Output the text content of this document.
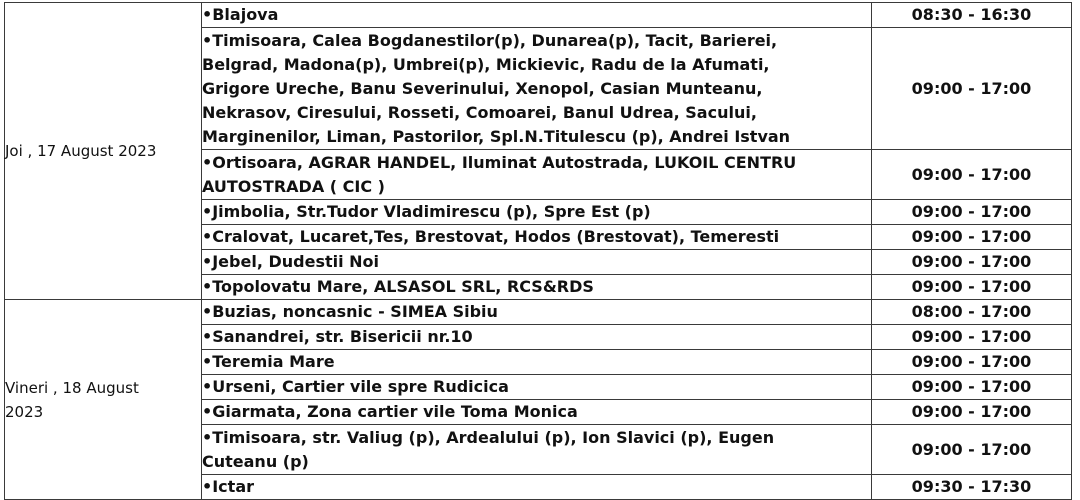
Joi , 17 August 2023	•Blajova	08:30 - 16:30

	•Timisoara, Calea Bogdanestilor(p), Dunarea(p), Tacit, Barierei,
Belgrad, Madona(p), Umbrei(p), Mickievic, Radu de la Afumati,
Grigore Ureche, Banu Severinului, Xenopol, Casian Munteanu,
Nekrasov, Ciresului, Rosseti, Comoarei, Banul Udrea, Sacului,
Marginenilor, Liman, Pastorilor, Spl.N.Titulescu (p), Andrei Istvan	09:00 - 17:00

	•Ortisoara, AGRAR HANDEL, Iluminat Autostrada, LUKOIL CENTRU
AUTOSTRADA ( CIC )	09:00 - 17:00

	•Jimbolia, Str.Tudor Vladimirescu (p), Spre Est (p)	09:00 - 17:00

	•Cralovat, Lucaret,Tes, Brestovat, Hodos (Brestovat), Temeresti	09:00 - 17:00

	•Jebel, Dudestii Noi	09:00 - 17:00

	•Topolovatu Mare, ALSASOL SRL, RCS&RDS	09:00 - 17:00

Vineri , 18 August
2023	•Buzias, noncasnic - SIMEA Sibiu	08:00 - 17:00

	•Sanandrei, str. Bisericii nr.10	09:00 - 17:00

	•Teremia Mare	09:00 - 17:00

	•Urseni, Cartier vile spre Rudicica	09:00 - 17:00

	•Giarmata, Zona cartier vile Toma Monica	09:00 - 17:00

	•Timisoara, str. Valiug (p), Ardealului (p), Ion Slavici (p), Eugen
Cuteanu (p)	09:00 - 17:00

	•Ictar	09:30 - 17:30
